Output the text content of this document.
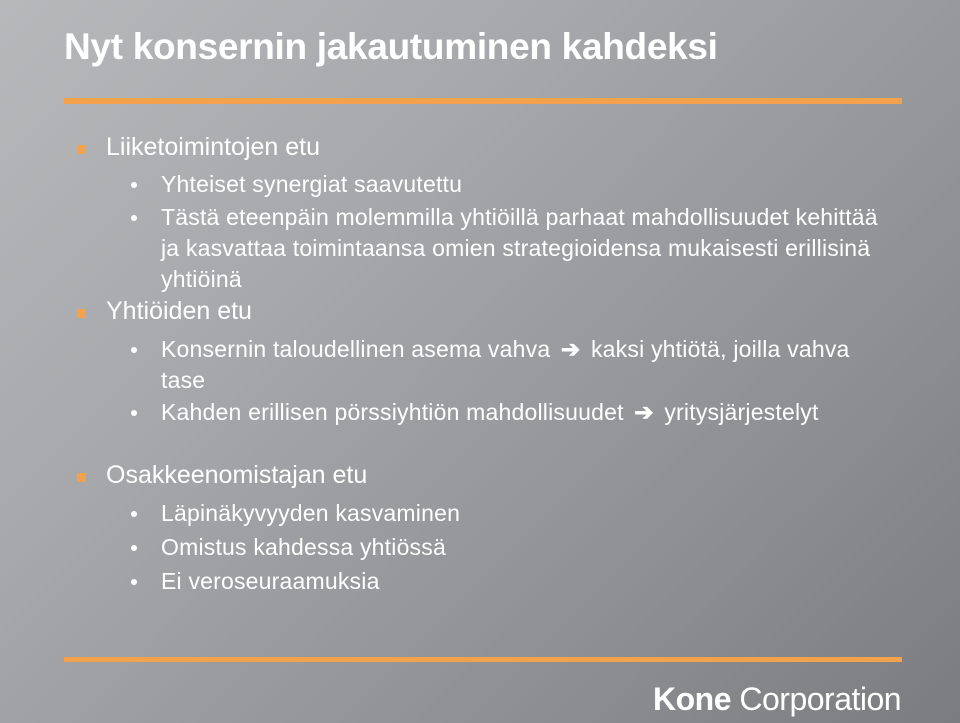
Nyt konsernin jakautuminen kahdeksi
Liiketoimintojen etu
Yhteiset synergiat saavutettu
Tästä eteenpäin molemmilla yhtiöillä parhaat mahdollisuudet kehittää ja kasvattaa toimintaansa omien strategioidensa mukaisesti erillisinä yhtiöinä
Yhtiöiden etu
Konsernin taloudellinen asema vahva ➔ kaksi yhtiötä, joilla vahva tase
Kahden erillisen pörssiyhtiön mahdollisuudet ➔ yritysjärjestelyt
Osakkeenomistajan etu
Läpinäkyvyyden kasvaminen
Omistus kahdessa yhtiössä
Ei veroseuraamuksia
Kone Corporation
